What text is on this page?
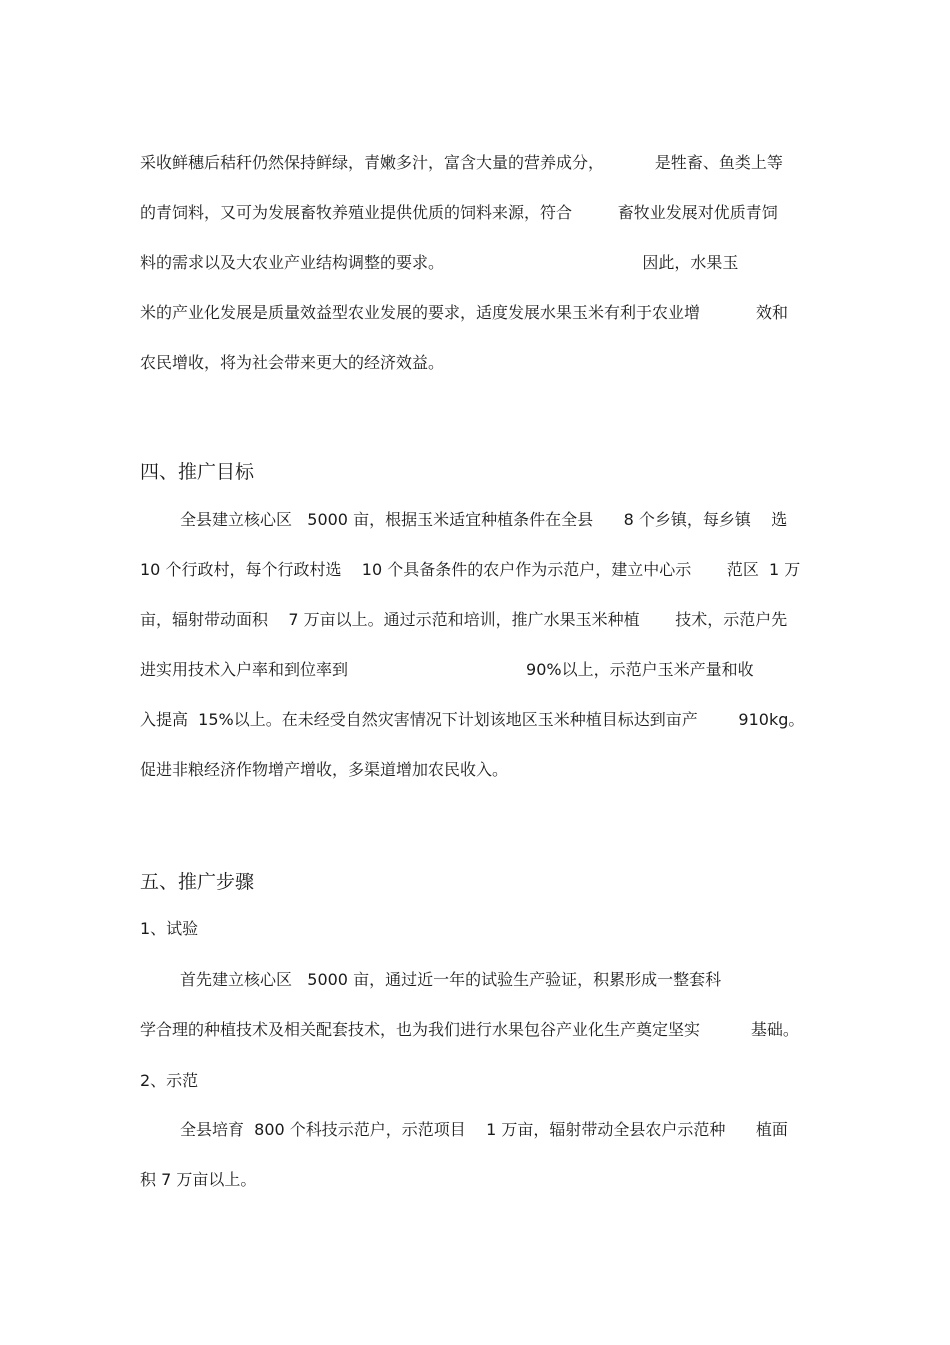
采收鲜穗后秸秆仍然保持鲜绿，青嫩多汁，富含大量的营养成分，          是牲畜、鱼类上等
的青饲料，又可为发展畜牧养殖业提供优质的饲料来源，符合         畜牧业发展对优质青饲
料的需求以及大农业产业结构调整的要求。                                       因此，水果玉
米的产业化发展是质量效益型农业发展的要求，适度发展水果玉米有利于农业增           效和
农民增收，将为社会带来更大的经济效益。
四、推广目标
全县建立核心区   5000 亩，根据玉米适宜种植条件在全县      8 个乡镇，每乡镇    选
10 个行政村，每个行政村选    10 个具备条件的农户作为示范户，建立中心示       范区  1 万
亩，辐射带动面积    7 万亩以上。通过示范和培训，推广水果玉米种植       技术，示范户先
进实用技术入户率和到位率到                                   90%以上，示范户玉米产量和收
入提高  15%以上。在未经受自然灾害情况下计划该地区玉米种植目标达到亩产        910kg。
促进非粮经济作物增产增收，多渠道增加农民收入。
五、推广步骤
1、试验
首先建立核心区   5000 亩，通过近一年的试验生产验证，积累形成一整套科
学合理的种植技术及相关配套技术，也为我们进行水果包谷产业化生产奠定坚实          基础。
2、示范
全县培育  800 个科技示范户，示范项目    1 万亩，辐射带动全县农户示范种      植面
积 7 万亩以上。
